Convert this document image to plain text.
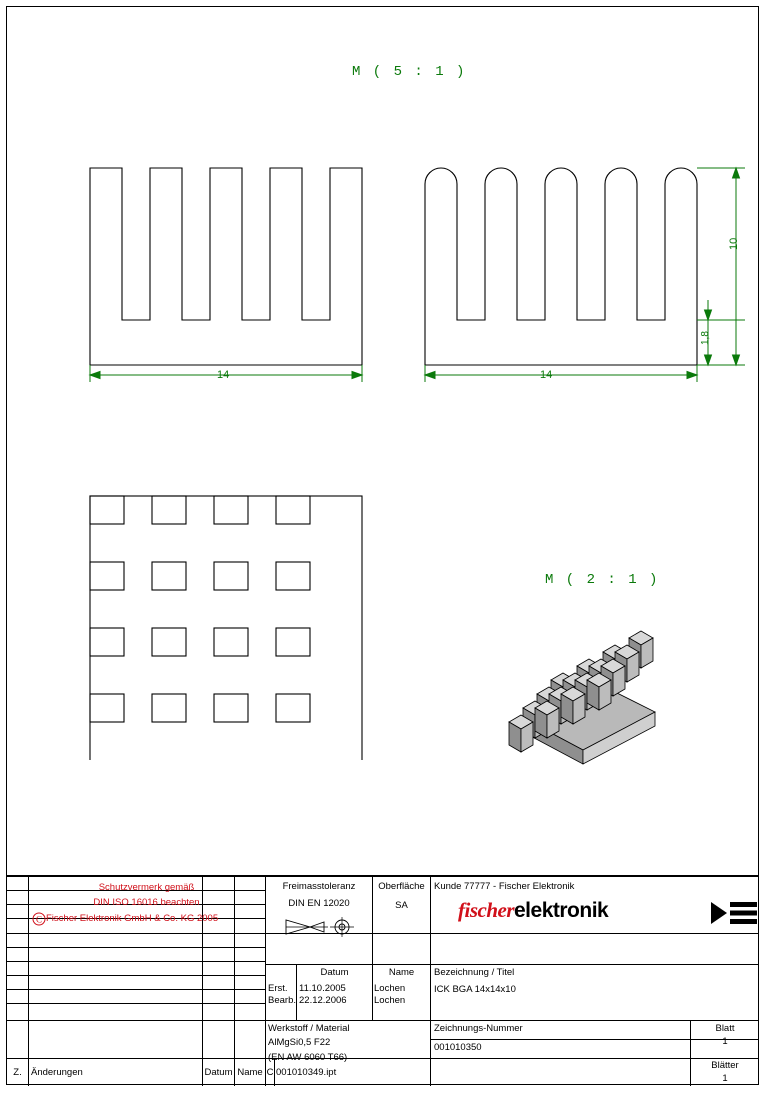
M ( 5 : 1 )
14	14
10
1,8
M ( 2 : 1 )
Schutzvermerk gemäß
DIN ISO 16016 beachten
C Fischer Elektronik GmbH & Co. KG 2005
Freimasstoleranz
DIN EN 12020
Oberfläche
SA
Kunde 77777 - Fischer Elektronik
fischerelektronik
Datum	Name
Erst. 11.10.2005	Lochen
Bearb. 22.12.2006	Lochen
Bezeichnung / Titel
ICK BGA 14x14x10
Werkstoff / Material
AlMgSi0,5 F22
(EN AW 6060 T66)
Zeichnungs-Nummer
001010350
Blatt
1
Blätter
1
Z. Änderungen	Datum Name C 001010349.ipt
